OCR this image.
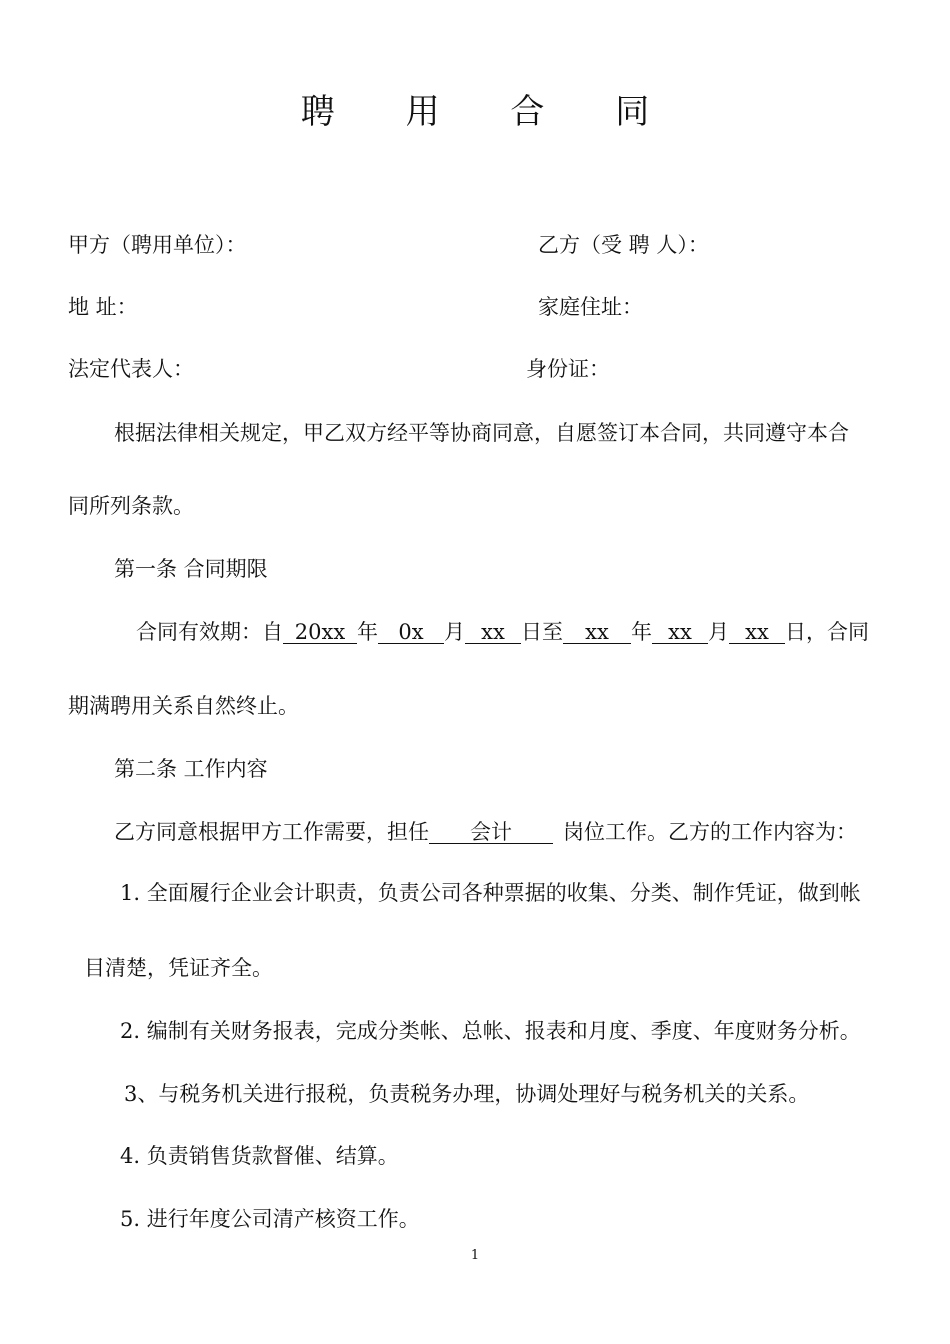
聘 用 合 同
甲方（聘用单位）：	乙方（受 聘 人）：
地 址：	家庭住址：
法定代表人：	身份证：
根据法律相关规定，甲乙双方经平等协商同意，自愿签订本合同，共同遵守本合
同所列条款。
第一条 合同期限
合同有效期：自 20xx 年 0x 月 xx 日至 xx 年 xx 月 xx 日，合同
期满聘用关系自然终止。
第二条 工作内容
乙方同意根据甲方工作需要，担任 会计 岗位工作。乙方的工作内容为：
1. 全面履行企业会计职责，负责公司各种票据的收集、分类、制作凭证，做到帐
目清楚，凭证齐全。
2. 编制有关财务报表，完成分类帐、总帐、报表和月度、季度、年度财务分析。
3、与税务机关进行报税，负责税务办理，协调处理好与税务机关的关系。
4. 负责销售货款督催、结算。
5. 进行年度公司清产核资工作。
1
